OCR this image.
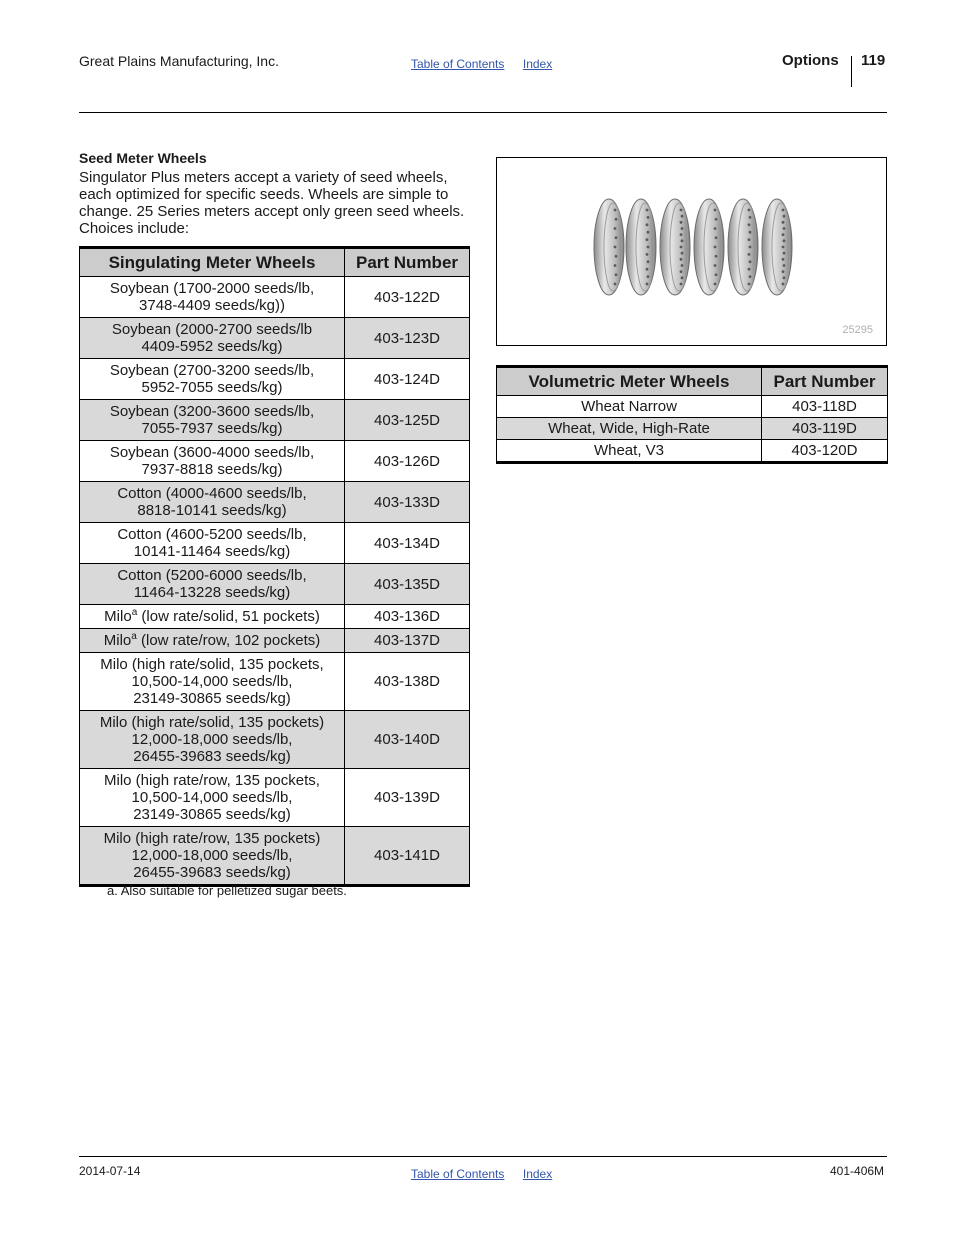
Great Plains Manufacturing, Inc.	Table of Contents Index	Options 119
Seed Meter Wheels
Singulator Plus meters accept a variety of seed wheels, each optimized for specific seeds. Wheels are simple to change. 25 Series meters accept only green seed wheels. Choices include:
Singulating Meter Wheels	Part Number

Soybean (1700-2000 seeds/lb,
3748-4409 seeds/kg))	403-122D

Soybean (2000-2700 seeds/lb
4409-5952 seeds/kg)	403-123D

Soybean (2700-3200 seeds/lb,
5952-7055 seeds/kg)	403-124D

Soybean (3200-3600 seeds/lb,
7055-7937 seeds/kg)	403-125D

Soybean (3600-4000 seeds/lb,
7937-8818 seeds/kg)	403-126D

Cotton (4000-4600 seeds/lb,
8818-10141 seeds/kg)	403-133D

Cotton (4600-5200 seeds/lb,
10141-11464 seeds/kg)	403-134D

Cotton (5200-6000 seeds/lb,
11464-13228 seeds/kg)	403-135D
Milo$^a$ (low rate/solid, 51 pockets)	403-136D
Milo$^a$ (low rate/row, 102 pockets)	403-137D

Milo (high rate/solid, 135 pockets,
10,500-14,000 seeds/lb,
23149-30865 seeds/kg)	403-138D

Milo (high rate/solid, 135 pockets)
12,000-18,000 seeds/lb,
26455-39683 seeds/kg)	403-140D

Milo (high rate/row, 135 pockets,
10,500-14,000 seeds/lb,
23149-30865 seeds/kg)	403-139D

Milo (high rate/row, 135 pockets)
12,000-18,000 seeds/lb,
26455-39683 seeds/kg)	403-141D
a. Also suitable for pelletized sugar beets.
25295
Volumetric Meter Wheels	Part Number
Wheat Narrow	403-118D
Wheat, Wide, High-Rate	403-119D
Wheat, V3	403-120D
2014-07-14	Table of Contents Index	401-406M
